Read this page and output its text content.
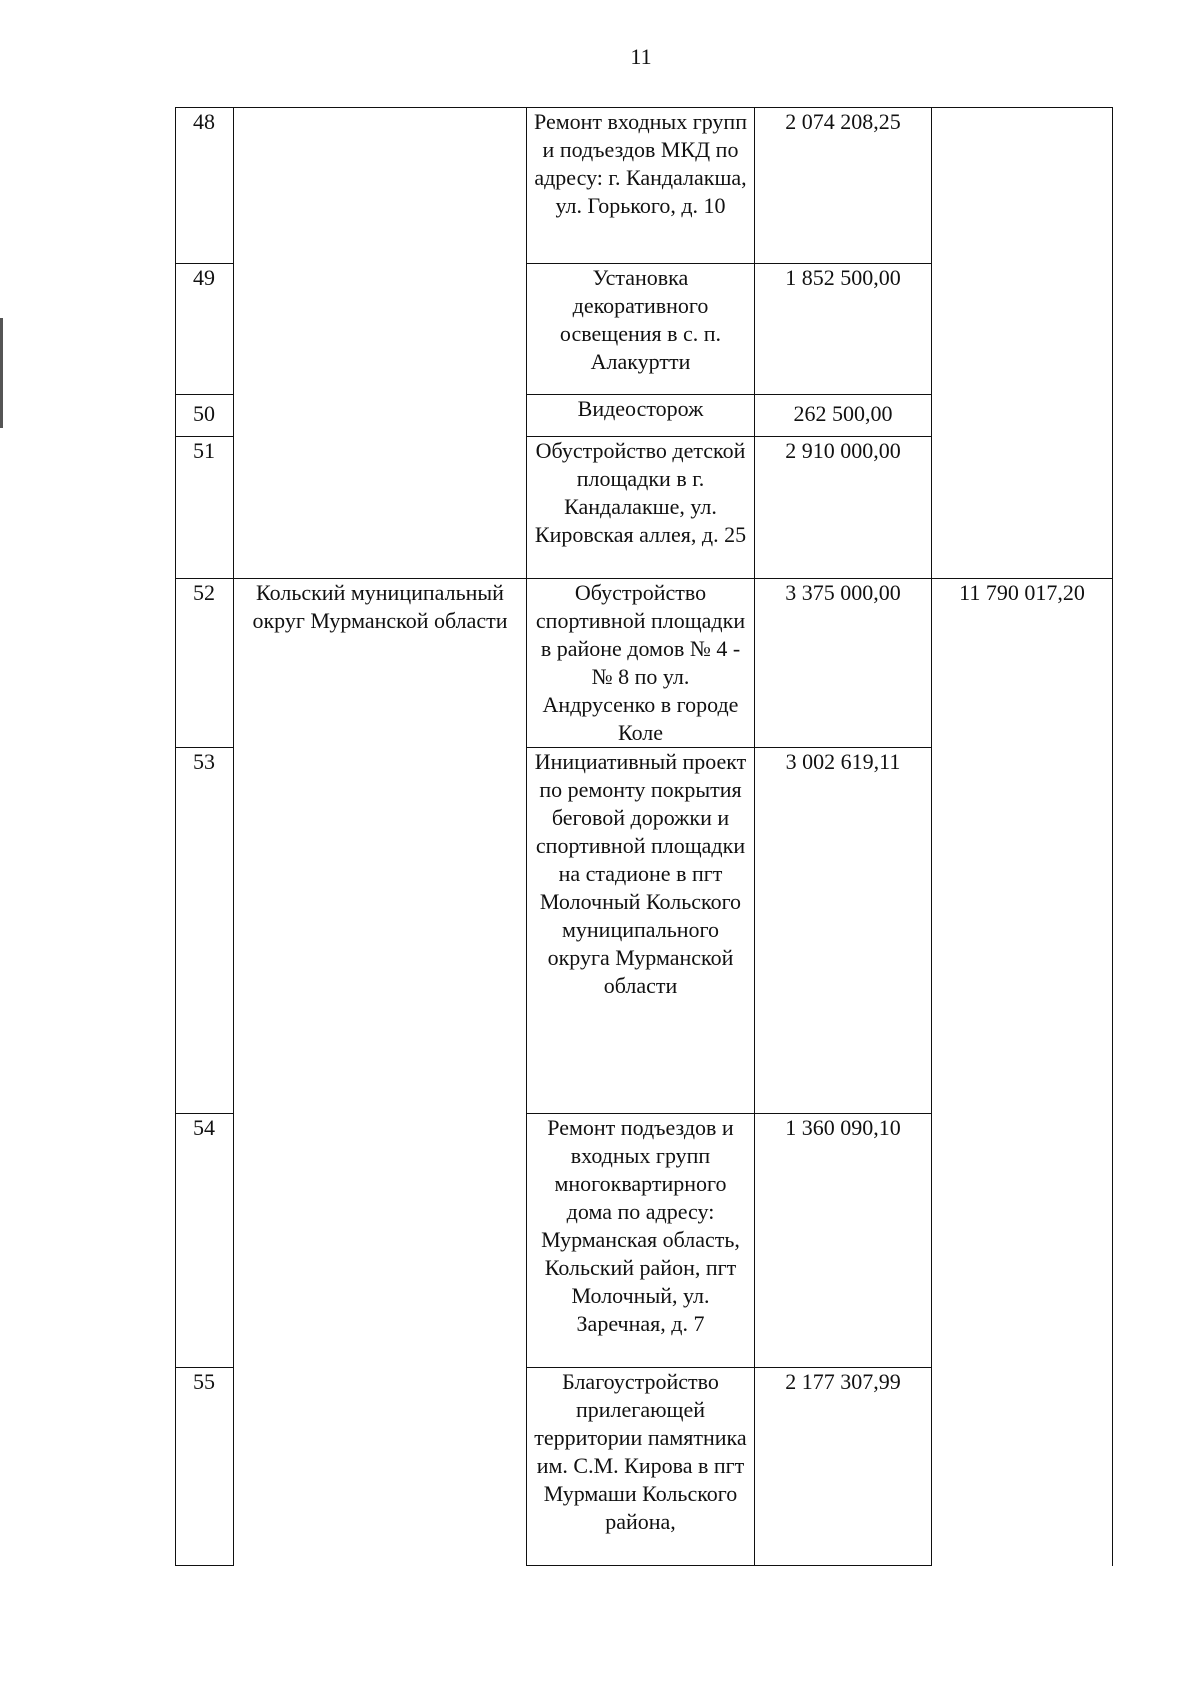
11
48		Ремонт входных групп и подъездов МКД по адресу: г. Кандалакша, ул. Горького, д. 10	2 074 208,25	
49		Установка декоративного освещения в с. п. Алакуртти	1 852 500,00	
50		Видеосторож	262 500,00	
51		Обустройство детской площадки в г. Кандалакше, ул. Кировская аллея, д. 25	2 910 000,00	
52	Кольский муниципальный округ Мурманской области	Обустройство спортивной площадки в районе домов № 4 - № 8 по ул. Андрусенко в городе Коле	3 375 000,00	11 790 017,20
53		Инициативный проект по ремонту покрытия беговой дорожки и спортивной площадки на стадионе в пгт Молочный Кольского муниципального округа Мурманской области	3 002 619,11	
54		Ремонт подъездов и входных групп многоквартирного дома по адресу: Мурманская область, Кольский район, пгт Молочный, ул. Заречная, д. 7	1 360 090,10	
55		Благоустройство прилегающей территории памятника им. С.М. Кирова в пгт Мурмаши Кольского района,	2 177 307,99	
